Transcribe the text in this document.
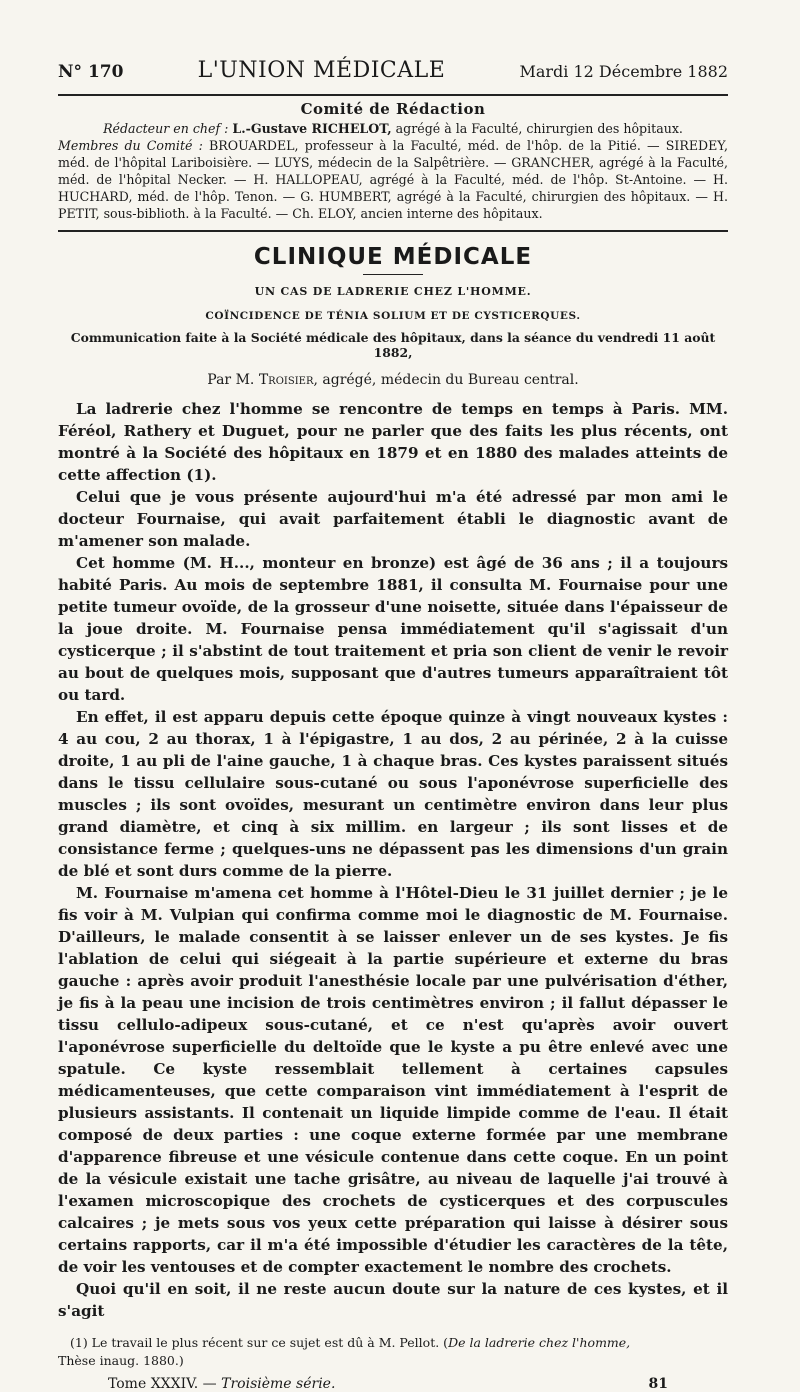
N° 170	L'UNION MÉDICALE	Mardi 12 Décembre 1882
Comité de Rédaction

Rédacteur en chef : L.-Gustave RICHELOT, agrégé à la Faculté, chirurgien des hôpitaux.

Membres du Comité : BROUARDEL, professeur à la Faculté, méd. de l'hôp. de la Pitié. — SIREDEY, méd. de l'hôpital Lariboisière. — LUYS, médecin de la Salpêtrière. — GRANCHER, agrégé à la Faculté, méd. de l'hôpital Necker. — H. HALLOPEAU, agrégé à la Faculté, méd. de l'hôp. St-Antoine. — H. HUCHARD, méd. de l'hôp. Tenon. — G. HUMBERT, agrégé à la Faculté, chirurgien des hôpitaux. — H. PETIT, sous-biblioth. à la Faculté. — Ch. ELOY, ancien interne des hôpitaux.

CLINIQUE MÉDICALE
UN CAS DE LADRERIE CHEZ L'HOMME.
COÏNCIDENCE DE TÉNIA SOLIUM ET DE CYSTICERQUES.
Communication faite à la Société médicale des hôpitaux, dans la séance du vendredi 11 août 1882,
Par M. Troisier, agrégé, médecin du Bureau central.

La ladrerie chez l'homme se rencontre de temps en temps à Paris. MM. Féréol, Rathery et Duguet, pour ne parler que des faits les plus récents, ont montré à la Société des hôpitaux en 1879 et en 1880 des malades atteints de cette affection (1).

Celui que je vous présente aujourd'hui m'a été adressé par mon ami le docteur Fournaise, qui avait parfaitement établi le diagnostic avant de m'amener son malade.

Cet homme (M. H..., monteur en bronze) est âgé de 36 ans ; il a toujours habité Paris. Au mois de septembre 1881, il consulta M. Fournaise pour une petite tumeur ovoïde, de la grosseur d'une noisette, située dans l'épaisseur de la joue droite. M. Fournaise pensa immédiatement qu'il s'agissait d'un cysticerque ; il s'abstint de tout traitement et pria son client de venir le revoir au bout de quelques mois, supposant que d'autres tumeurs apparaîtraient tôt ou tard.

En effet, il est apparu depuis cette époque quinze à vingt nouveaux kystes : 4 au cou, 2 au thorax, 1 à l'épigastre, 1 au dos, 2 au périnée, 2 à la cuisse droite, 1 au pli de l'aine gauche, 1 à chaque bras. Ces kystes paraissent situés dans le tissu cellulaire sous-cutané ou sous l'aponévrose superficielle des muscles ; ils sont ovoïdes, mesurant un centimètre environ dans leur plus grand diamètre, et cinq à six millim. en largeur ; ils sont lisses et de consistance ferme ; quelques-uns ne dépassent pas les dimensions d'un grain de blé et sont durs comme de la pierre.

M. Fournaise m'amena cet homme à l'Hôtel-Dieu le 31 juillet dernier ; je le fis voir à M. Vulpian qui confirma comme moi le diagnostic de M. Fournaise. D'ailleurs, le malade consentit à se laisser enlever un de ses kystes. Je fis l'ablation de celui qui siégeait à la partie supérieure et externe du bras gauche : après avoir produit l'anesthésie locale par une pulvérisation d'éther, je fis à la peau une incision de trois centimètres environ ; il fallut dépasser le tissu cellulo-adipeux sous-cutané, et ce n'est qu'après avoir ouvert l'aponévrose superficielle du deltoïde que le kyste a pu être enlevé avec une spatule. Ce kyste ressemblait tellement à certaines capsules médicamenteuses, que cette comparaison vint immédiatement à l'esprit de plusieurs assistants. Il contenait un liquide limpide comme de l'eau. Il était composé de deux parties : une coque externe formée par une membrane d'apparence fibreuse et une vésicule contenue dans cette coque. En un point de la vésicule existait une tache grisâtre, au niveau de laquelle j'ai trouvé à l'examen microscopique des crochets de cysticerques et des corpuscules calcaires ; je mets sous vos yeux cette préparation qui laisse à désirer sous certains rapports, car il m'a été impossible d'étudier les caractères de la tête, de voir les ventouses et de compter exactement le nombre des crochets.

Quoi qu'il en soit, il ne reste aucun doute sur la nature de ces kystes, et il s'agit

(1) Le travail le plus récent sur ce sujet est dû à M. Pellot. (De la ladrerie chez l'homme,
Thèse inaug. 1880.)
Tome XXXIV. — Troisième série.	81
